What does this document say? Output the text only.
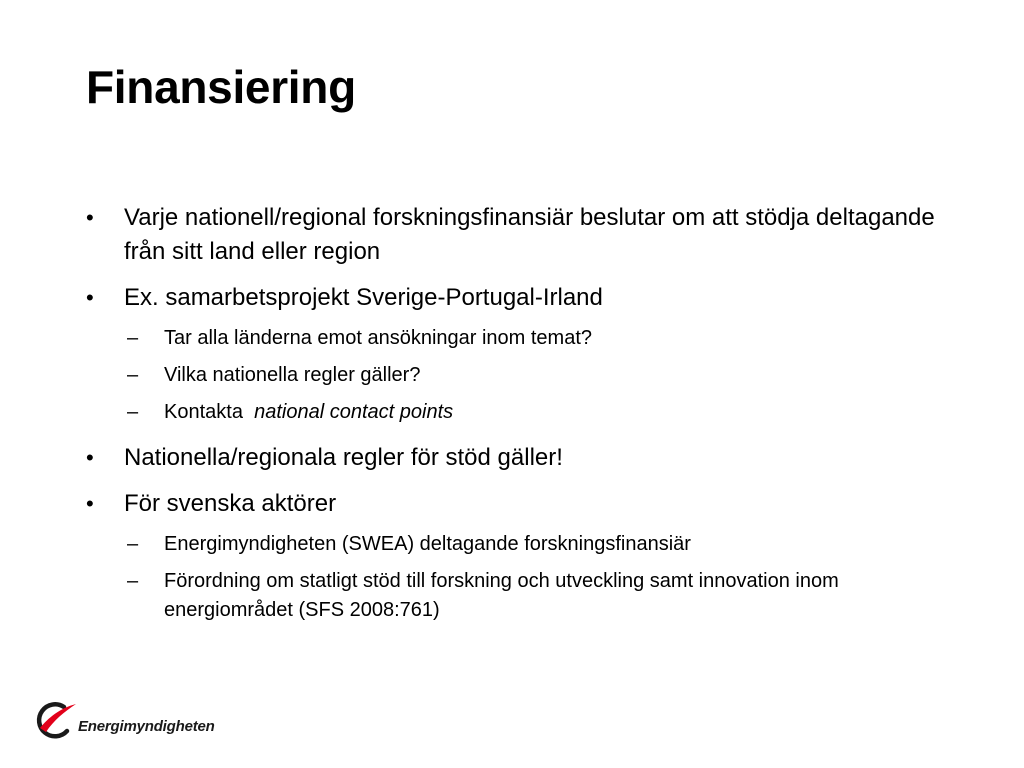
Finansiering
• Varje nationell/regional forskningsfinansiär beslutar om att stödja deltagande från sitt land eller region
• Ex. samarbetsprojekt Sverige-Portugal-Irland
– Tar alla länderna emot ansökningar inom temat?
– Vilka nationella regler gäller?
– Kontakta national contact points
• Nationella/regionala regler för stöd gäller!
• För svenska aktörer
– Energimyndigheten (SWEA) deltagande forskningsfinansiär
– Förordning om statligt stöd till forskning och utveckling samt innovation inom energiområdet (SFS 2008:761)
Energimyndigheten
